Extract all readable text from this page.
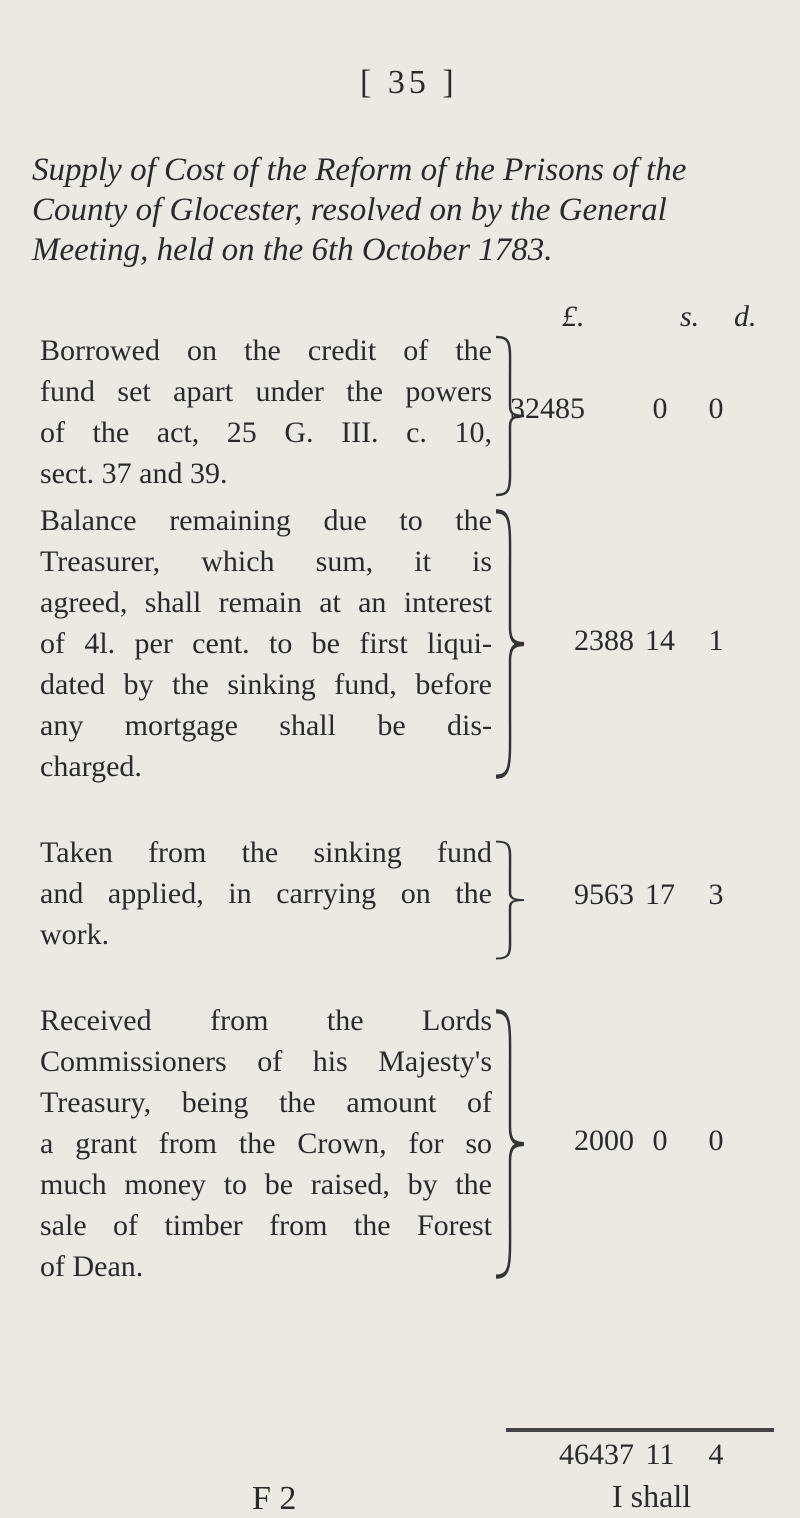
[ 35 ]
Supply of Cost of the Reform of the Prisons of the
County of Glocester, resolved on by the General
Meeting, held on the 6th October 1783.
£.	s. d.
Borrowed on the credit of the
fund set apart under the powers
of the act, 25 G. III. c. 10,
sect. 37 and 39.
32485 0 0
Balance remaining due to the
Treasurer, which sum, it is
agreed, shall remain at an interest
of 4l. per cent. to be first liqui-
dated by the sinking fund, before
any mortgage shall be dis-
charged.
2388 14 1
Taken from the sinking fund
and applied, in carrying on the
work.
9563 17 3
Received from the Lords
Commissioners of his Majesty's
Treasury, being the amount of
a grant from the Crown, for so
much money to be raised, by the
sale of timber from the Forest
of Dean.
2000 0 0
46437 11 4
F 2	I shall
